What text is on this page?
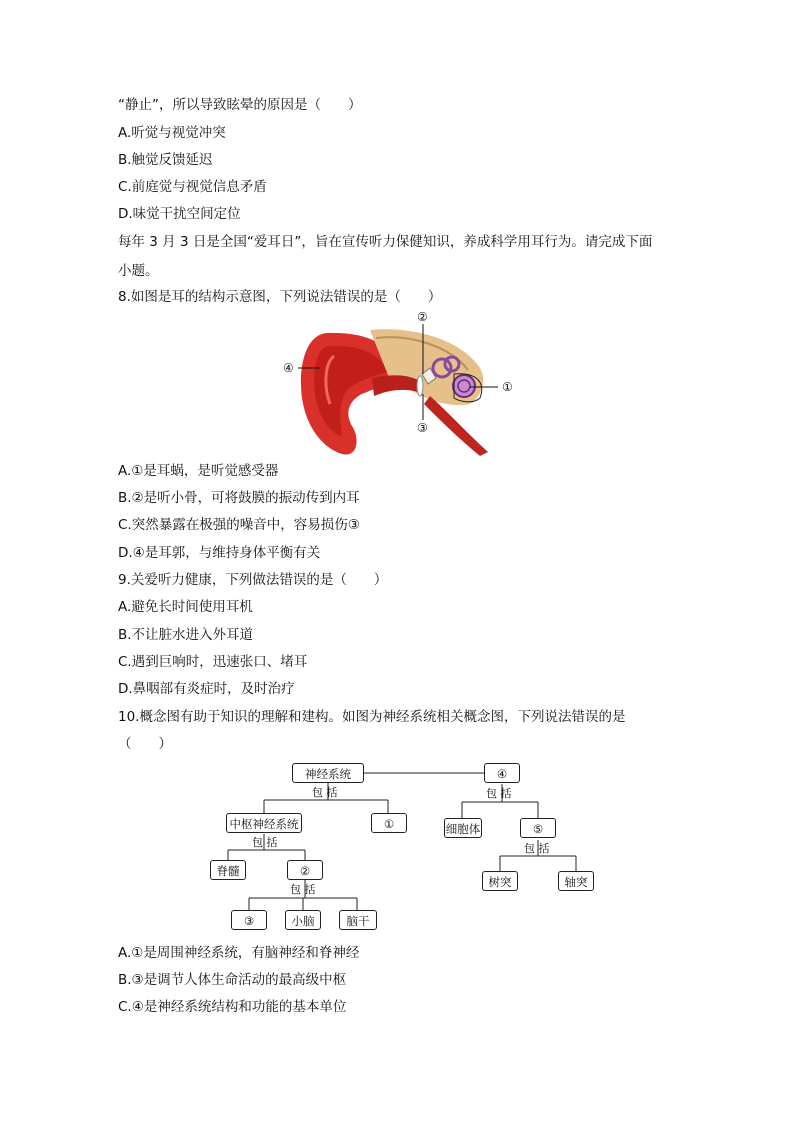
“静止”，所以导致眩晕的原因是（　　）
A.听觉与视觉冲突
B.触觉反馈延迟
C.前庭觉与视觉信息矛盾
D.味觉干扰空间定位
每年 3 月 3 日是全国“爱耳日”，旨在宣传听力保健知识，养成科学用耳行为。请完成下面
小题。
8.如图是耳的结构示意图，下列说法错误的是（　　）
②
①
③
④
A.①是耳蜗，是听觉感受器
B.②是听小骨，可将鼓膜的振动传到内耳
C.突然暴露在极强的噪音中，容易损伤③
D.④是耳郭，与维持身体平衡有关
9.关爱听力健康，下列做法错误的是（　　）
A.避免长时间使用耳机
B.不让脏水进入外耳道
C.遇到巨响时，迅速张口、堵耳
D.鼻咽部有炎症时，及时治疗
10.概念图有助于知识的理解和建构。如图为神经系统相关概念图，下列说法错误的是
（　　）
神经系统	④
包 括	包 括
中枢神经系统	①	细胞体	⑤
包 括	包 括
脊髓	②
树突	轴突
包 括
③	小脑	脑干
A.①是周围神经系统，有脑神经和脊神经
B.③是调节人体生命活动的最高级中枢
C.④是神经系统结构和功能的基本单位
